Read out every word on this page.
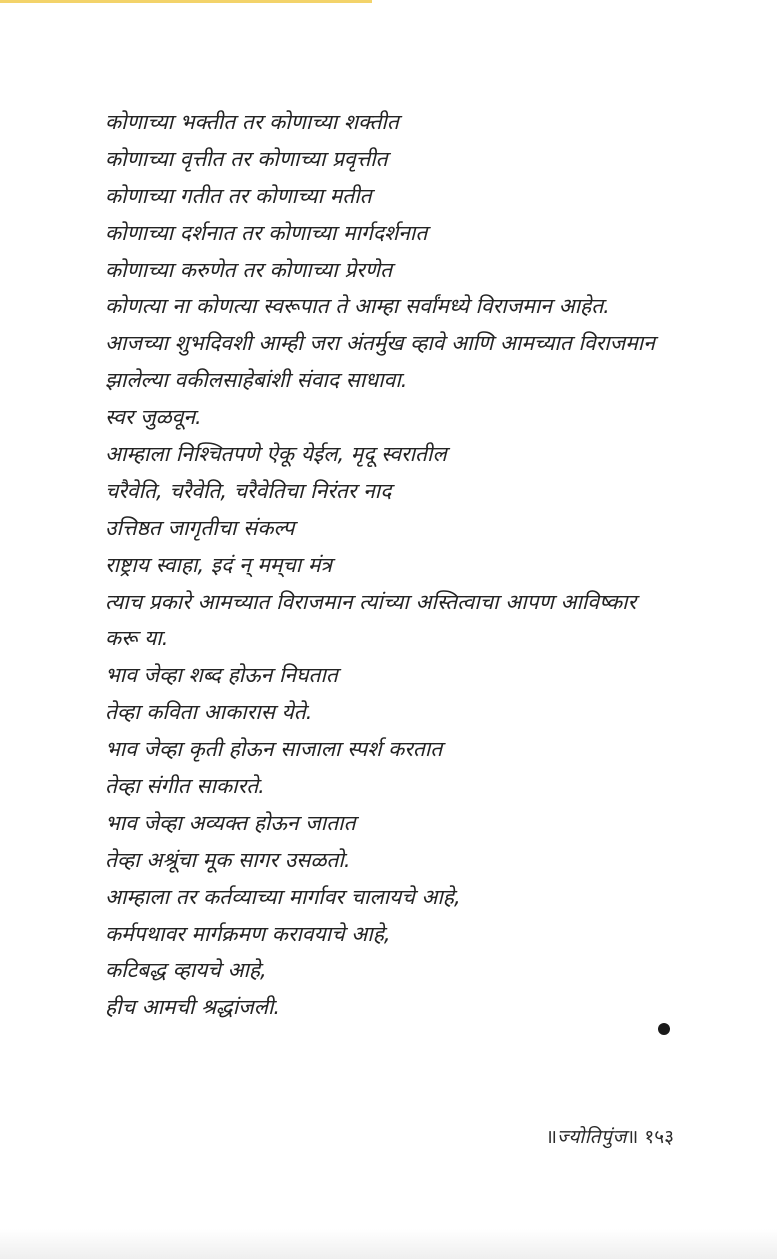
कोणाच्या भक्तीत तर कोणाच्या शक्तीत
कोणाच्या वृत्तीत तर कोणाच्या प्रवृत्तीत
कोणाच्या गतीत तर कोणाच्या मतीत
कोणाच्या दर्शनात तर कोणाच्या मार्गदर्शनात
कोणाच्या करुणेत तर कोणाच्या प्रेरणेत
कोणत्या ना कोणत्या स्वरूपात ते आम्हा सर्वांमध्ये विराजमान आहेत.
आजच्या शुभदिवशी आम्ही जरा अंतर्मुख व्हावे आणि आमच्यात विराजमान
झालेल्या वकीलसाहेबांशी संवाद साधावा.
स्वर जुळवून.
आम्हाला निश्चितपणे ऐकू येईल, मृदू स्वरातील
चरैवेति, चरैवेति, चरैवेतिचा निरंतर नाद
उत्तिष्ठत जागृतीचा संकल्प
राष्ट्राय स्वाहा, इदं न् मम्‌चा मंत्र
त्याच प्रकारे आमच्यात विराजमान त्यांच्या अस्तित्वाचा आपण आविष्कार
करू या.
भाव जेव्हा शब्द होऊन निघतात
तेव्हा कविता आकारास येते.
भाव जेव्हा कृती होऊन साजाला स्पर्श करतात
तेव्हा संगीत साकारते.
भाव जेव्हा अव्यक्त होऊन जातात
तेव्हा अश्रूंचा मूक सागर उसळतो.
आम्हाला तर कर्तव्याच्या मार्गावर चालायचे आहे,
कर्मपथावर मार्गक्रमण करावयाचे आहे,
कटिबद्ध व्हायचे आहे,
हीच आमची श्रद्धांजली.
॥ज्योतिपुंज॥ १५३
